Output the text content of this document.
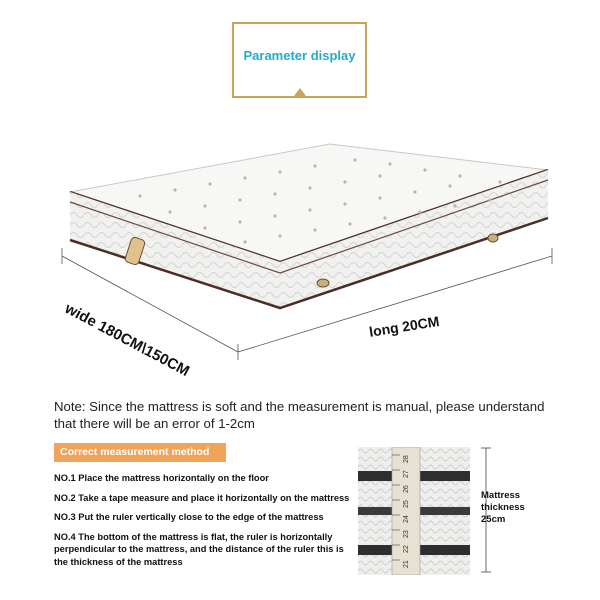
Parameter display
wide 180CM\150CM	long 20CM
Note: Since the mattress is soft and the measurement is manual, please understand that there will be an error of 1-2cm
Correct measurement method
NO.1 Place the mattress horizontally on the floor
NO.2 Take a tape measure and place it horizontally on the mattress
NO.3 Put the ruler vertically close to the edge of the mattress
NO.4 The bottom of the mattress is flat, the ruler is horizontally perpendicular to the mattress, and the distance of the ruler this is the thickness of the mattress
28
27
26
25
24
23
22
21
Mattress
thickness
25cm
